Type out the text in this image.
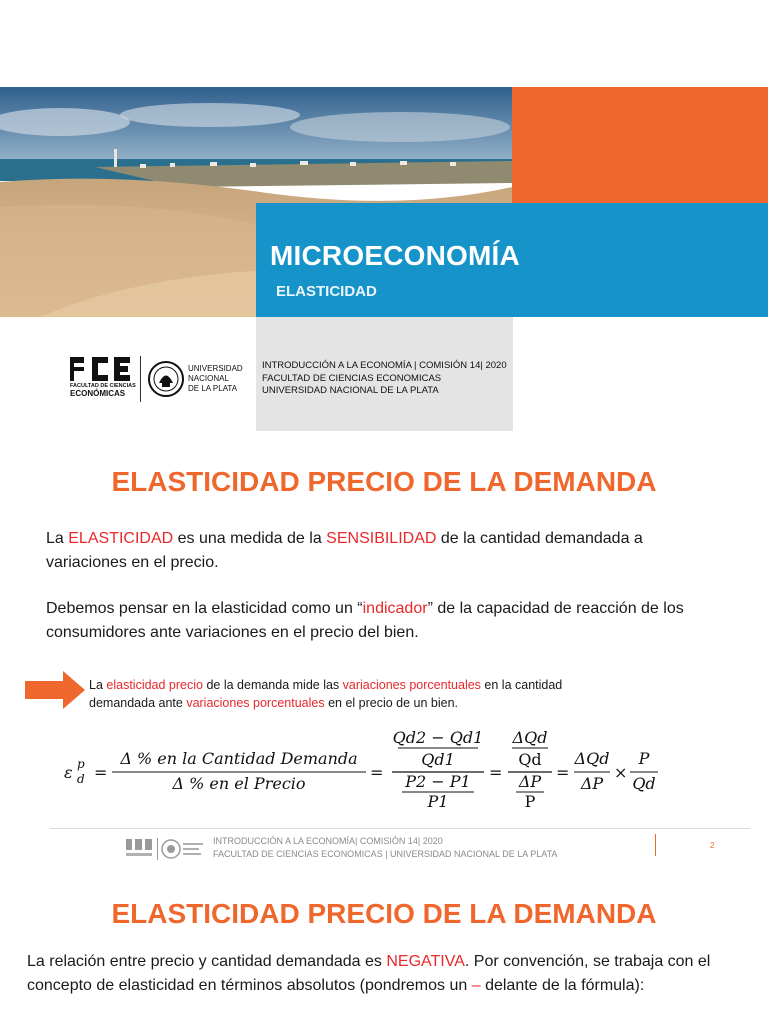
MICROECONOMÍA
ELASTICIDAD
FACULTAD DE CIENCIAS
ECONÓMICAS
UNIVERSIDAD
NACIONAL
DE LA PLATA
INTRODUCCIÓN A LA ECONOMÍA | COMISIÓN 14| 2020
FACULTAD DE CIENCIAS ECONOMICAS
UNIVERSIDAD NACIONAL DE LA PLATA
ELASTICIDAD PRECIO DE LA DEMANDA
La ELASTICIDAD es una medida de la SENSIBILIDAD de la cantidad demandada a variaciones en el precio.
Debemos pensar en la elasticidad como un “indicador” de la capacidad de reacción de los consumidores ante variaciones en el precio del bien.
La elasticidad precio de la demanda mide las variaciones porcentuales en la cantidad demandada ante variaciones porcentuales en el precio de un bien.
ε p
d =
Δ % en la Cantidad Demanda
Δ % en el Precio
=
Qd2 − Qd1
Qd1
P2 − P1
P1
=
ΔQd
Qd
ΔP
P
=
ΔQd
ΔP
×
P
Qd
INTRODUCCIÓN A LA ECONOMÍA| COMISIÓN 14| 2020
FACULTAD DE CIENCIAS ECONOMICAS | UNIVERSIDAD NACIONAL DE LA PLATA
2
ELASTICIDAD PRECIO DE LA DEMANDA
La relación entre precio y cantidad demandada es NEGATIVA. Por convención, se trabaja con el concepto de elasticidad en términos absolutos (pondremos un – delante de la fórmula):
